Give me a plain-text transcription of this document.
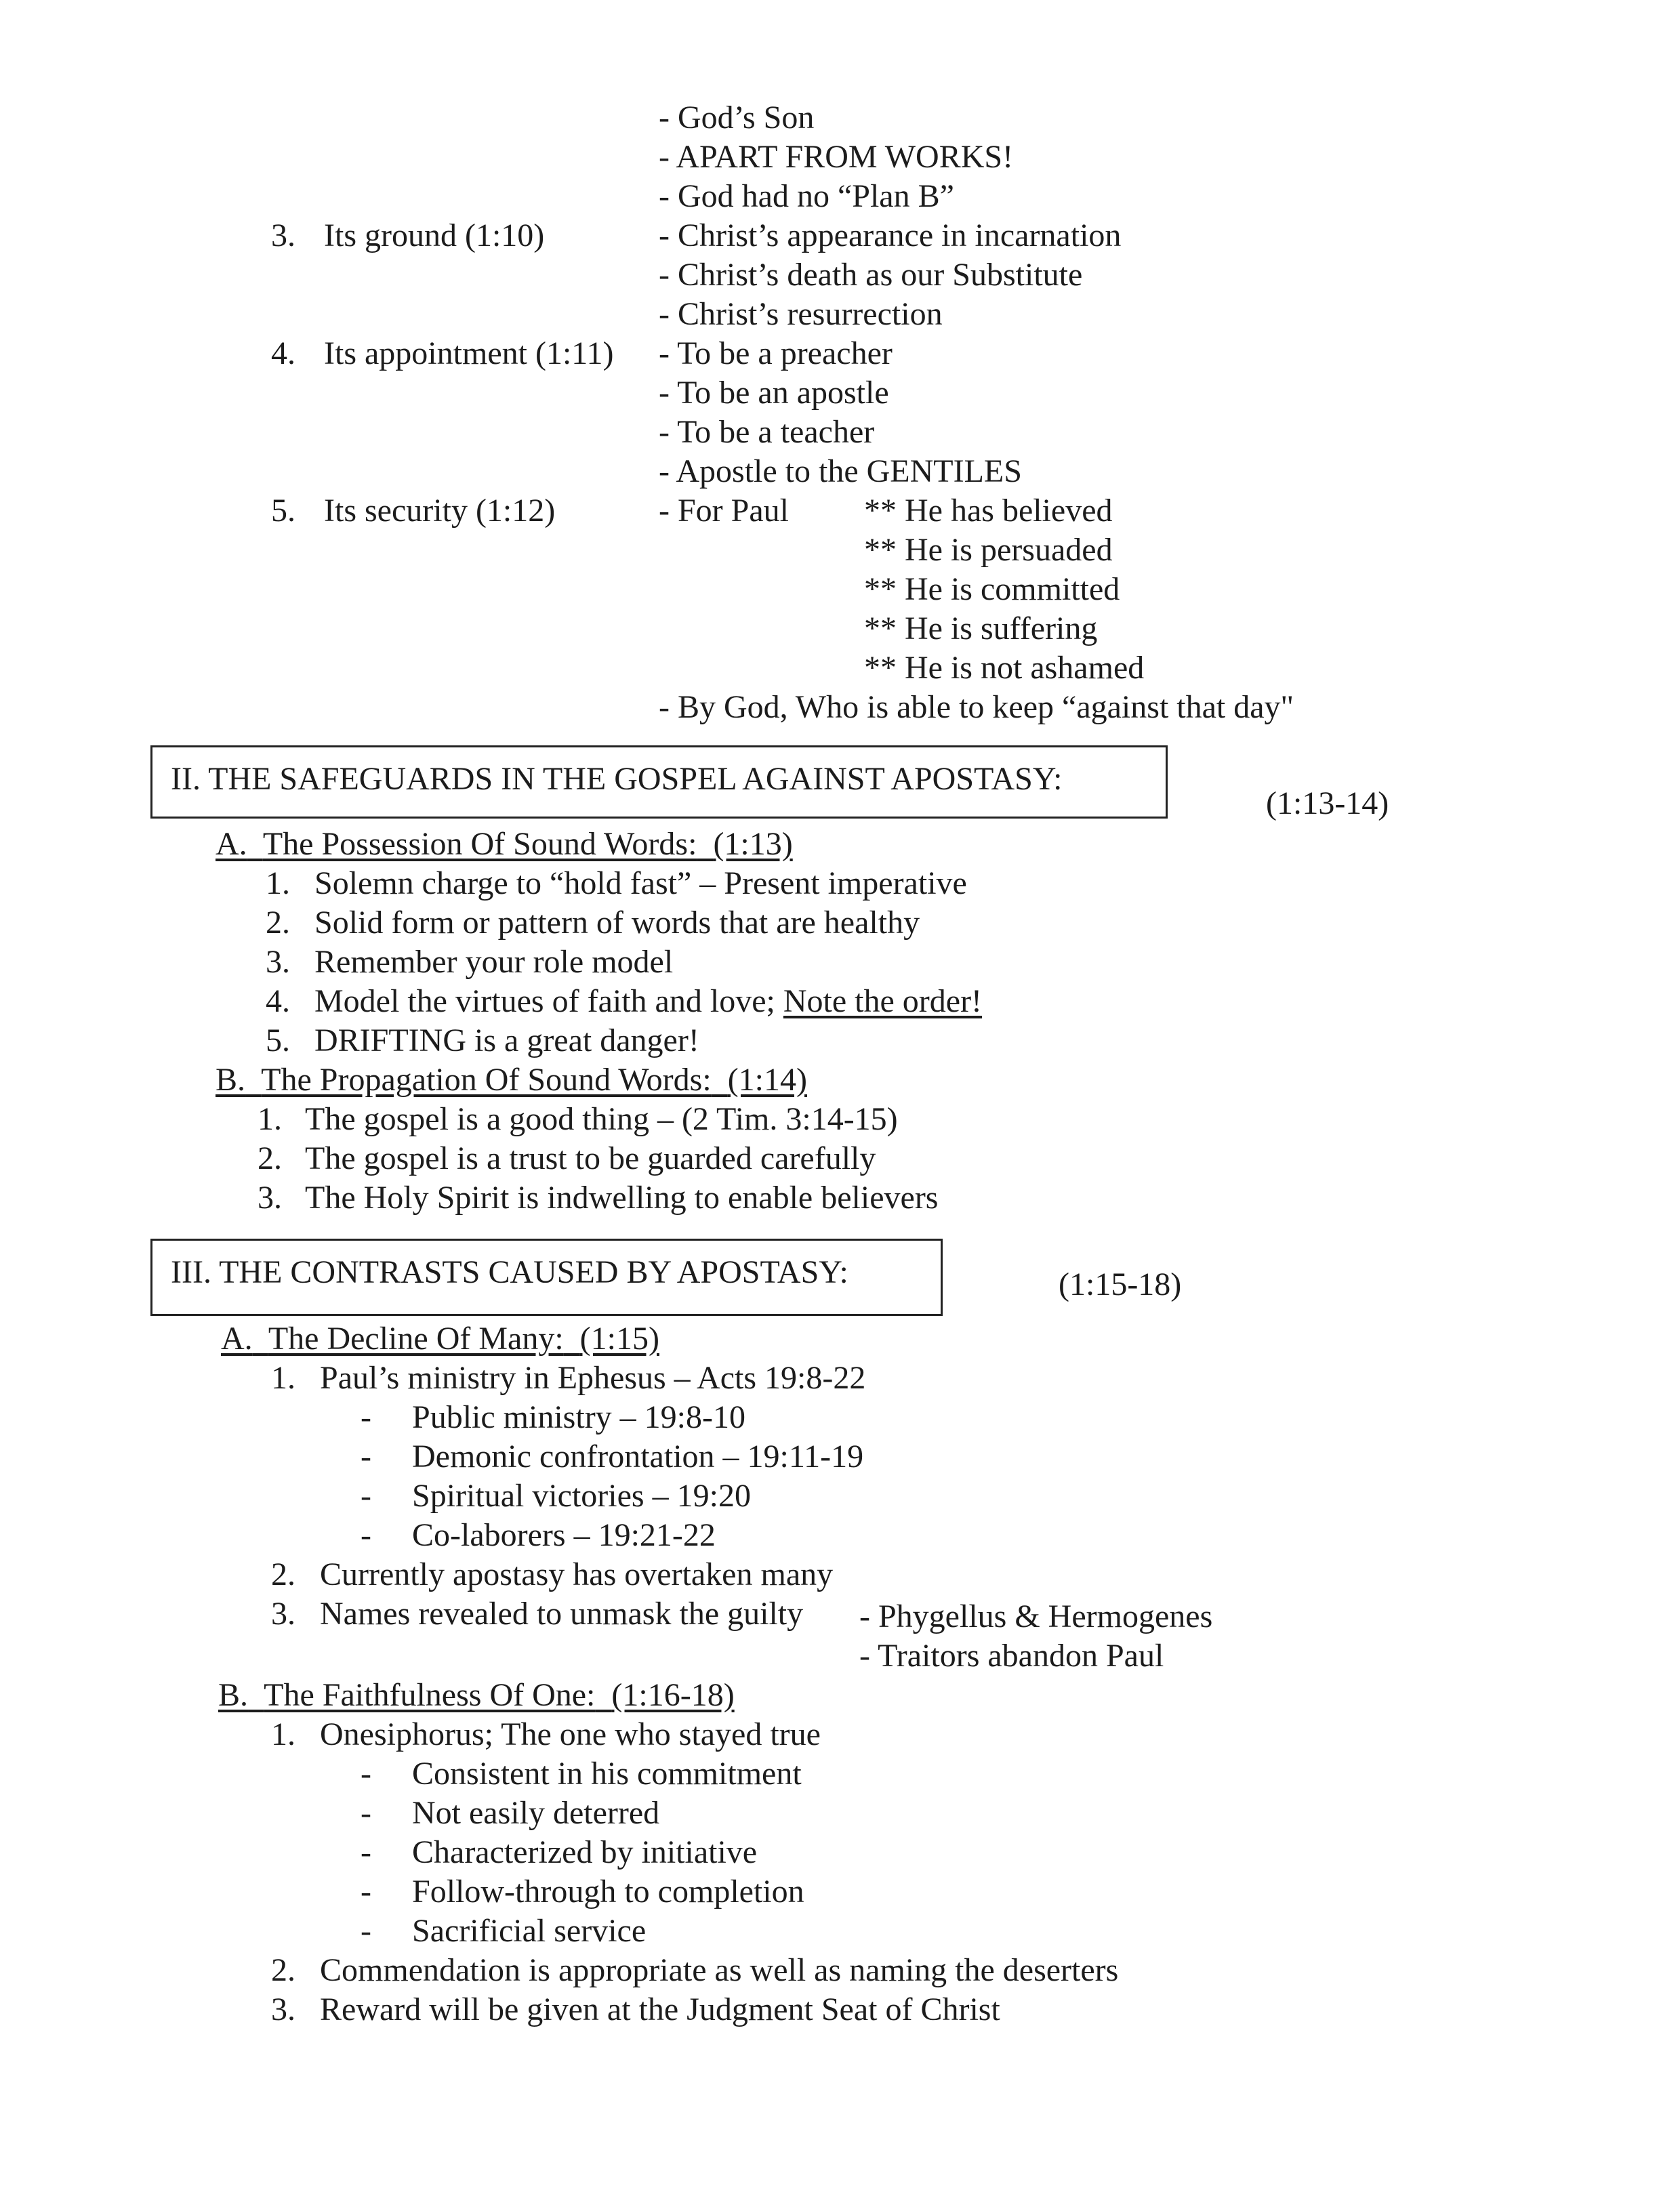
- God’s Son
- APART FROM WORKS!
- God had no “Plan B”
3. Its ground (1:10)	- Christ’s appearance in incarnation
- Christ’s death as our Substitute
- Christ’s resurrection
4. Its appointment (1:11) - To be a preacher
- To be an apostle
- To be a teacher
- Apostle to the GENTILES
5. Its security (1:12)	- For Paul ** He has believed
** He is persuaded
** He is committed
** He is suffering
** He is not ashamed
- By God, Who is able to keep “against that day"
II. THE SAFEGUARDS IN THE GOSPEL AGAINST APOSTASY:
(1:13-14)
A. The Possession Of Sound Words: (1:13)
1. Solemn charge to “hold fast” – Present imperative
2. Solid form or pattern of words that are healthy
3. Remember your role model
4. Model the virtues of faith and love; Note the order!
5. DRIFTING is a great danger!
B. The Propagation Of Sound Words: (1:14)
1. The gospel is a good thing – (2 Tim. 3:14-15)
2. The gospel is a trust to be guarded carefully
3. The Holy Spirit is indwelling to enable believers
III. THE CONTRASTS CAUSED BY APOSTASY:	(1:15-18)
A. The Decline Of Many: (1:15)
1. Paul’s ministry in Ephesus – Acts 19:8-22
- Public ministry – 19:8-10
- Demonic confrontation – 19:11-19
- Spiritual victories – 19:20
- Co-laborers – 19:21-22
2. Currently apostasy has overtaken many
3. Names revealed to unmask the guilty - Phygellus & Hermogenes
- Traitors abandon Paul
B. The Faithfulness Of One: (1:16-18)
1. Onesiphorus; The one who stayed true
- Consistent in his commitment
- Not easily deterred
- Characterized by initiative
- Follow-through to completion
- Sacrificial service
2. Commendation is appropriate as well as naming the deserters
3. Reward will be given at the Judgment Seat of Christ
